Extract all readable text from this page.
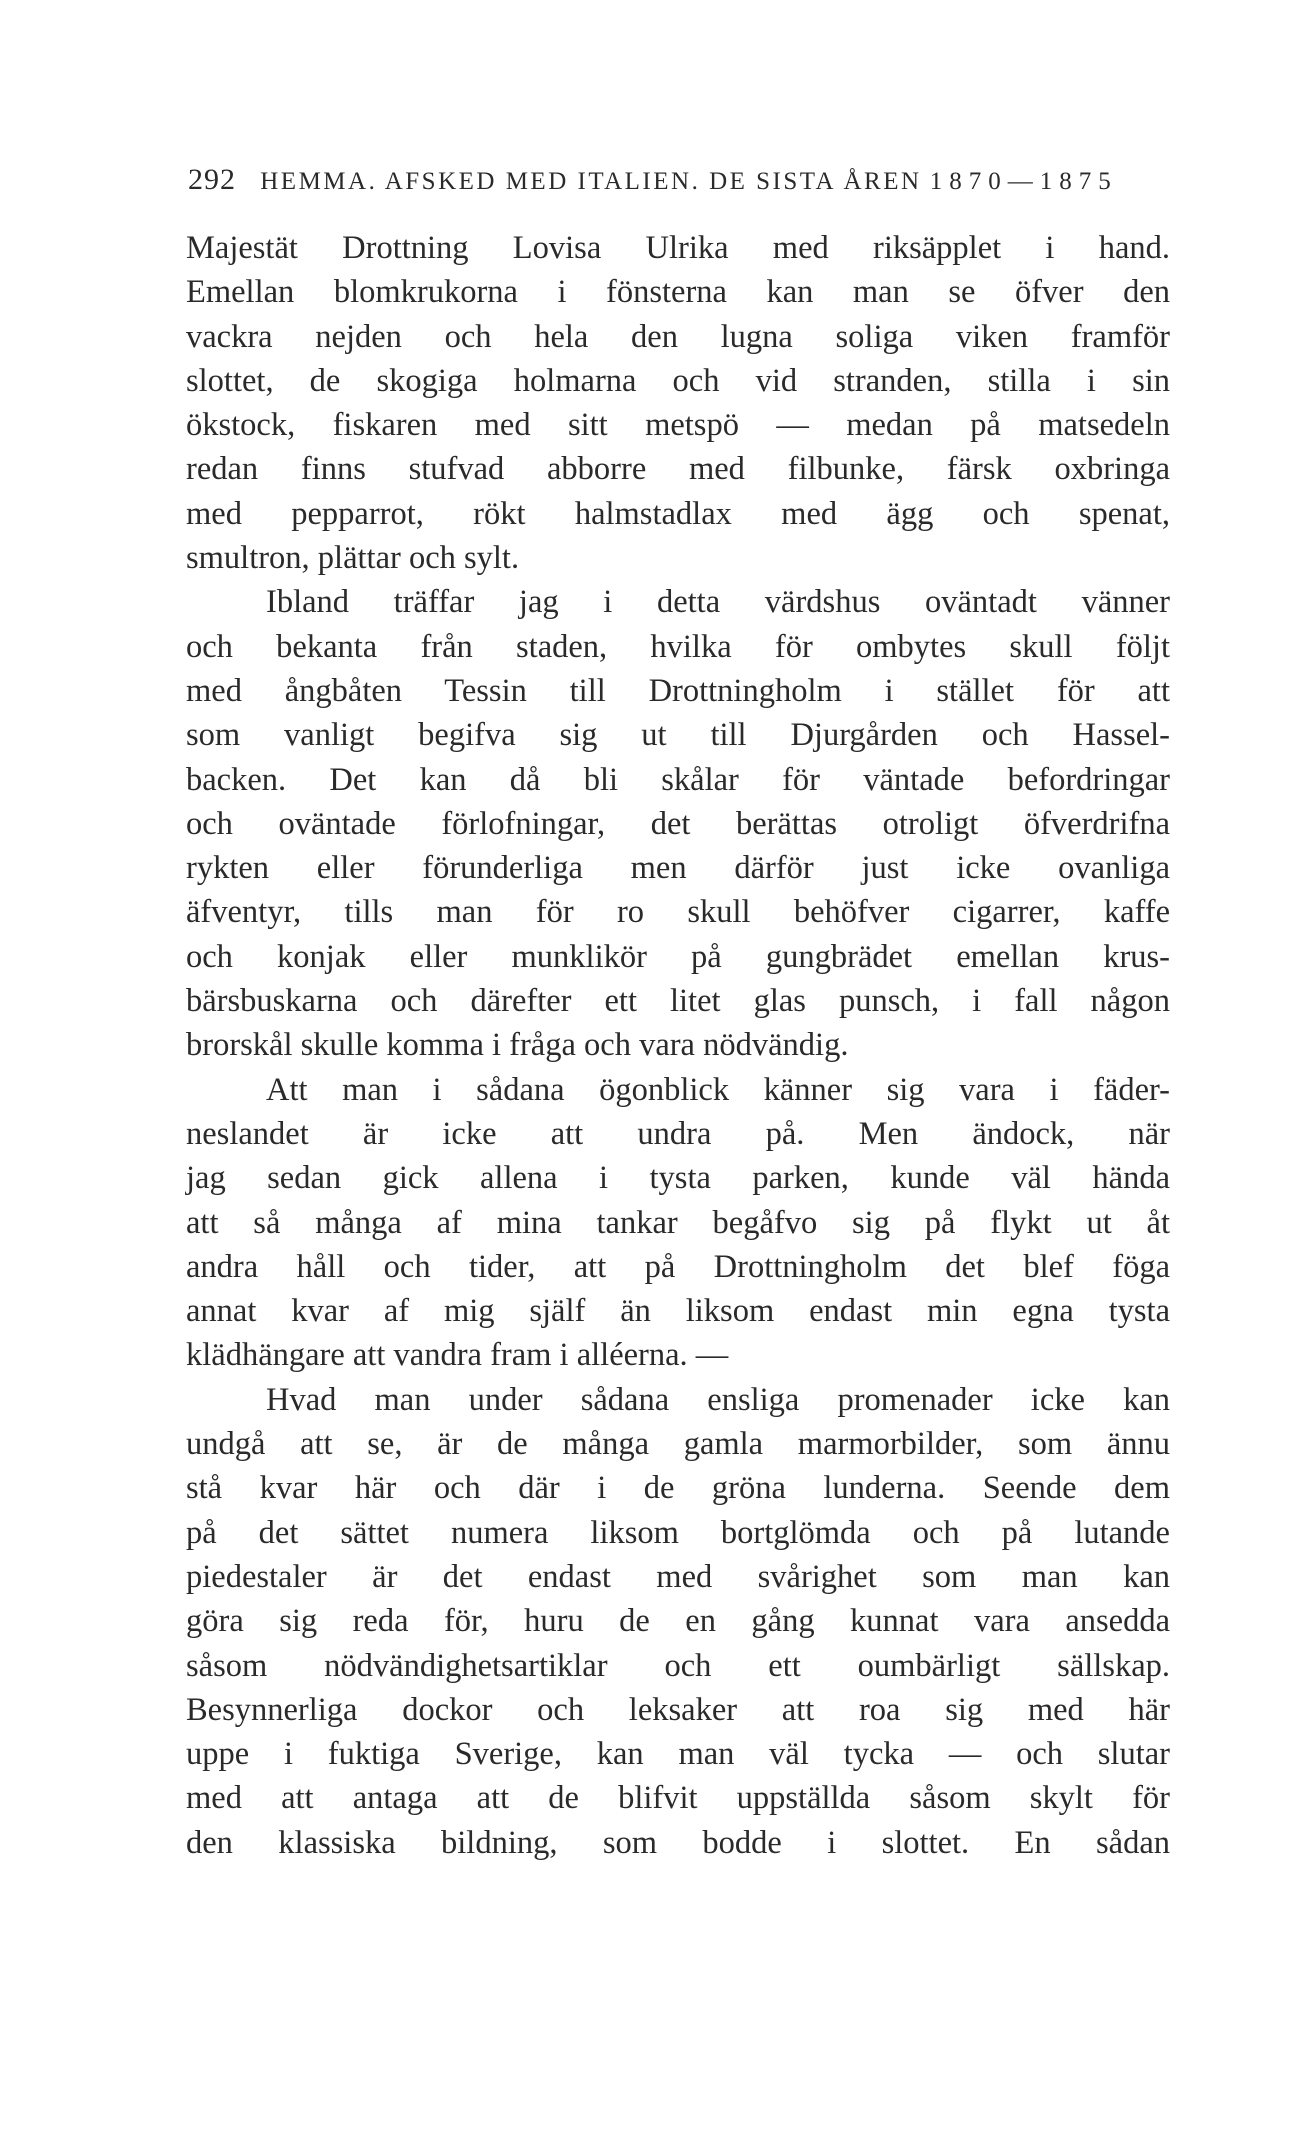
292 HEMMA. AFSKED MED ITALIEN. DE SISTA ÅREN 1870—1875
Majestät Drottning Lovisa Ulrika med riksäpplet i hand.
Emellan blomkrukorna i fönsterna kan man se öfver den
vackra nejden och hela den lugna soliga viken framför
slottet, de skogiga holmarna och vid stranden, stilla i sin
ökstock, fiskaren med sitt metspö — medan på matsedeln
redan finns stufvad abborre med filbunke, färsk oxbringa
med pepparrot, rökt halmstadlax med ägg och spenat,
smultron, plättar och sylt.
Ibland träffar jag i detta värdshus oväntadt vänner
och bekanta från staden, hvilka för ombytes skull följt
med ångbåten Tessin till Drottningholm i stället för att
som vanligt begifva sig ut till Djurgården och Hassel-
backen. Det kan då bli skålar för väntade befordringar
och oväntade förlofningar, det berättas otroligt öfverdrifna
rykten eller förunderliga men därför just icke ovanliga
äfventyr, tills man för ro skull behöfver cigarrer, kaffe
och konjak eller munklikör på gungbrädet emellan krus-
bärsbuskarna och därefter ett litet glas punsch, i fall någon
brorskål skulle komma i fråga och vara nödvändig.
Att man i sådana ögonblick känner sig vara i fäder-
neslandet är icke att undra på. Men ändock, när
jag sedan gick allena i tysta parken, kunde väl hända
att så många af mina tankar begåfvo sig på flykt ut åt
andra håll och tider, att på Drottningholm det blef föga
annat kvar af mig själf än liksom endast min egna tysta
klädhängare att vandra fram i alléerna. —
Hvad man under sådana ensliga promenader icke kan
undgå att se, är de många gamla marmorbilder, som ännu
stå kvar här och där i de gröna lunderna. Seende dem
på det sättet numera liksom bortglömda och på lutande
piedestaler är det endast med svårighet som man kan
göra sig reda för, huru de en gång kunnat vara ansedda
såsom nödvändighetsartiklar och ett oumbärligt sällskap.
Besynnerliga dockor och leksaker att roa sig med här
uppe i fuktiga Sverige, kan man väl tycka — och slutar
med att antaga att de blifvit uppställda såsom skylt för
den klassiska bildning, som bodde i slottet. En sådan
